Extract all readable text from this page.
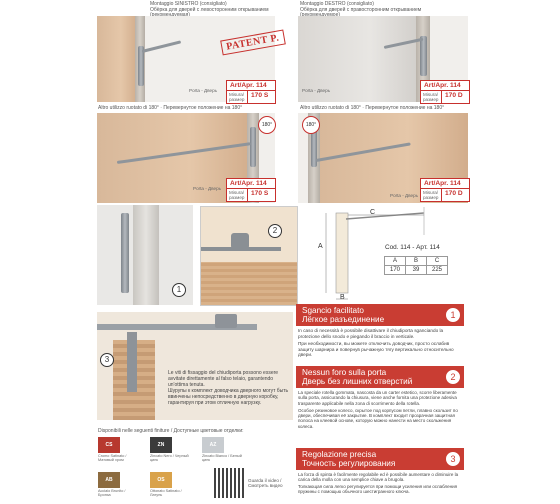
Montaggio SINISTRO (consigliato)
Обёрка для дверей с левосторонним открыванием
Porta - Дверь
PATENT P.
Art/Apr. 114
Misura/ размер
170 S
Montaggio DESTRO (consigliato)
Обёрка для дверей с правосторонним открыванием
Porta - Дверь
Art/Apr. 114
Misura/ размер
170 D
Altro utilizzo ruotato di 180° · Перевернутое положение на 180°
Porta - Дверь
180°
Art/Apr. 114
Misura/ размер
170 S
Altro utilizzo ruotato di 180° · Перевернутое положение на 180°
Porta - Дверь
180°
Art/Apr. 114
Misura/ размер
170 D
1
2
C
A
B
Cod. 114 - Арт. 114
A	B	C
170	39	225
3
Le viti di fissaggio del chiudiporta possono essere avvitate direttamente al falso telaio, garantendo un'ottima tenuta.
Шурупы к комплект доводчика дверного могут быть ввинчены непосредственно в дверную коробку, гарантируя при этом отличную нагрузку.
Sgancio facilitato
Лёгкое разъединение	1
In caso di necessità è possibile disattivare il chiudiporta sganciando la protezione dello snodo e piegando il braccio in verticale.
При необходимости, вы можете отключить доводчик, просто ослабив защиту шарнира и повернув рычажную тягу вертикально относительно двери.
Nessun foro sulla porta
Дверь без лишних отверстий	2
La speciale rotella gommata, nascosta da un carter estetico, scorre liberamente sulla porta, assicurando la chiusura, viene anche fornita una protezione adesiva trasparente applicabile nella zona di scorrimento della rotella.
Особое резиновое колесо, скрытое под корпусом петли, плавно скользит по двери, обеспечивая её закрытие. В комплект входит прозрачная защитная полоса на клеевой основе, которую можно нанести на место скольжения колеса.
Regolazione precisa
Точность регулирования	3
La forza di spinta è facilmente regolabile ed è possibile aumentare o diminuire la carica della molla con una semplice chiave a brugola.
Толкающая сила легко регулируется при помощи усиления или ослабления пружины с помощью обычного шестигранного ключа.
Disponibili nelle seguenti finiture / Доступные цветовые отделки:
CS
Cromo Satinato / Матовый хром
ZN
Zincato Nero / Черный цинк
AZ
Zincato Bianco / Белый цинк
AB
Acciaio Brunito / Бронза
OS
Ottonato Satinato / Латунь
Guarda il video / Смотреть видео
